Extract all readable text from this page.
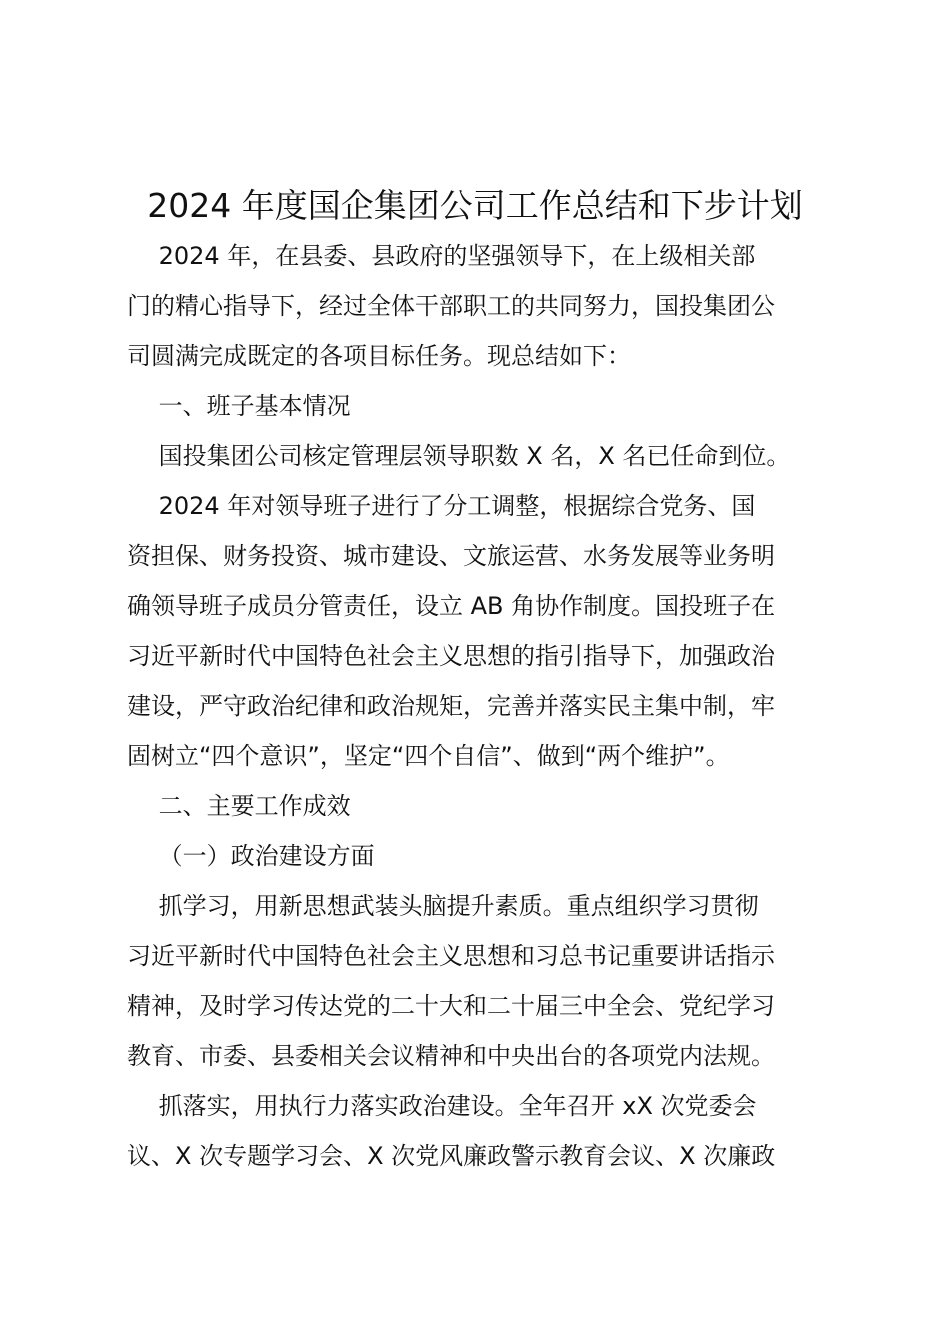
2024 年度国企集团公司工作总结和下步计划
　 2024 年，在县委、县政府的坚强领导下，在上级相关部
门的精心指导下，经过全体干部职工的共同努力，国投集团公
司圆满完成既定的各项目标任务。现总结如下：
　 一、班子基本情况
　 国投集团公司核定管理层领导职数 X 名，X 名已任命到位。
　 2024 年对领导班子进行了分工调整，根据综合党务、国
资担保、财务投资、城市建设、文旅运营、水务发展等业务明
确领导班子成员分管责任，设立 AB 角协作制度。国投班子在
习近平新时代中国特色社会主义思想的指引指导下，加强政治
建设，严守政治纪律和政治规矩，完善并落实民主集中制，牢
固树立“四个意识”，坚定“四个自信”、做到“两个维护”。
　 二、主要工作成效
　 （一）政治建设方面
　 抓学习，用新思想武装头脑提升素质。重点组织学习贯彻
习近平新时代中国特色社会主义思想和习总书记重要讲话指示
精神，及时学习传达党的二十大和二十届三中全会、党纪学习
教育、市委、县委相关会议精神和中央出台的各项党内法规。
　 抓落实，用执行力落实政治建设。全年召开 xX 次党委会
议、X 次专题学习会、X 次党风廉政警示教育会议、X 次廉政
